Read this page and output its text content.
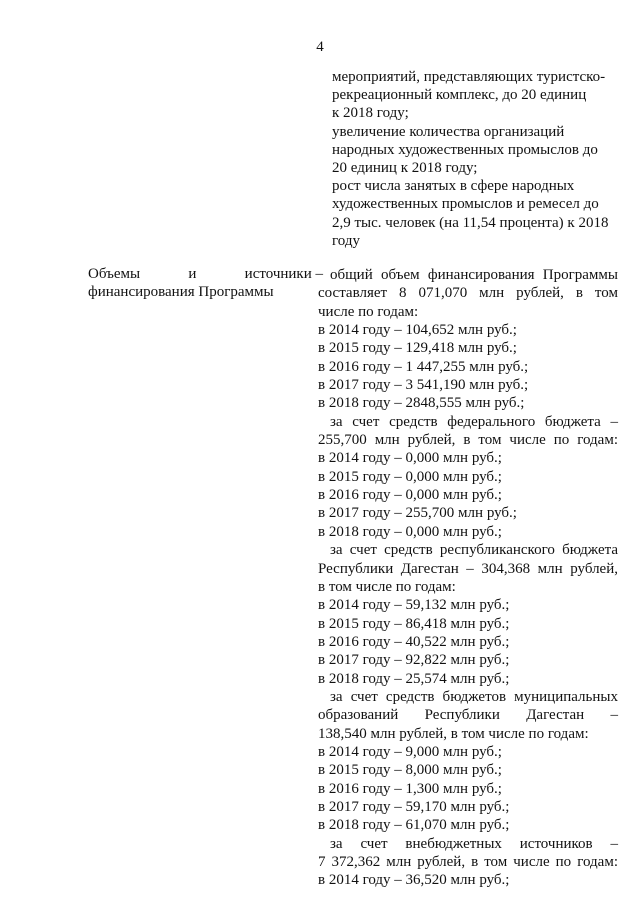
4

мероприятий, представляющих туристско-

рекреационный комплекс, до 20 единиц

к 2018 году;

увеличение количества организаций

народных художественных промыслов до

20 единиц к 2018 году;

рост числа занятых в сфере народных

художественных промыслов и ремесел до

2,9 тыс. человек (на 11,54 процента) к 2018

году

Объемы	и	источники –
финансирования Программы
общий объем финансирования Программы
составляет 8 071,070 млн рублей, в том
числе по годам:
в 2014 году – 104,652 млн руб.;
в 2015 году – 129,418 млн руб.;
в 2016 году – 1 447,255 млн руб.;
в 2017 году – 3 541,190 млн руб.;
в 2018 году – 2848,555 млн руб.;
за счет средств федерального бюджета –
255,700 млн рублей, в том числе по годам:
в 2014 году – 0,000 млн руб.;
в 2015 году – 0,000 млн руб.;
в 2016 году – 0,000 млн руб.;
в 2017 году – 255,700 млн руб.;
в 2018 году – 0,000 млн руб.;
за счет средств республиканского бюджета
Республики Дагестан – 304,368 млн рублей,
в том числе по годам:
в 2014 году – 59,132 млн руб.;
в 2015 году – 86,418 млн руб.;
в 2016 году – 40,522 млн руб.;
в 2017 году – 92,822 млн руб.;
в 2018 году – 25,574 млн руб.;
за счет средств бюджетов муниципальных
образований Республики Дагестан –
138,540 млн рублей, в том числе по годам:
в 2014 году – 9,000 млн руб.;
в 2015 году – 8,000 млн руб.;
в 2016 году – 1,300 млн руб.;
в 2017 году – 59,170 млн руб.;
в 2018 году – 61,070 млн руб.;
за счет внебюджетных источников –
7 372,362 млн рублей, в том числе по годам:
в 2014 году – 36,520 млн руб.;
